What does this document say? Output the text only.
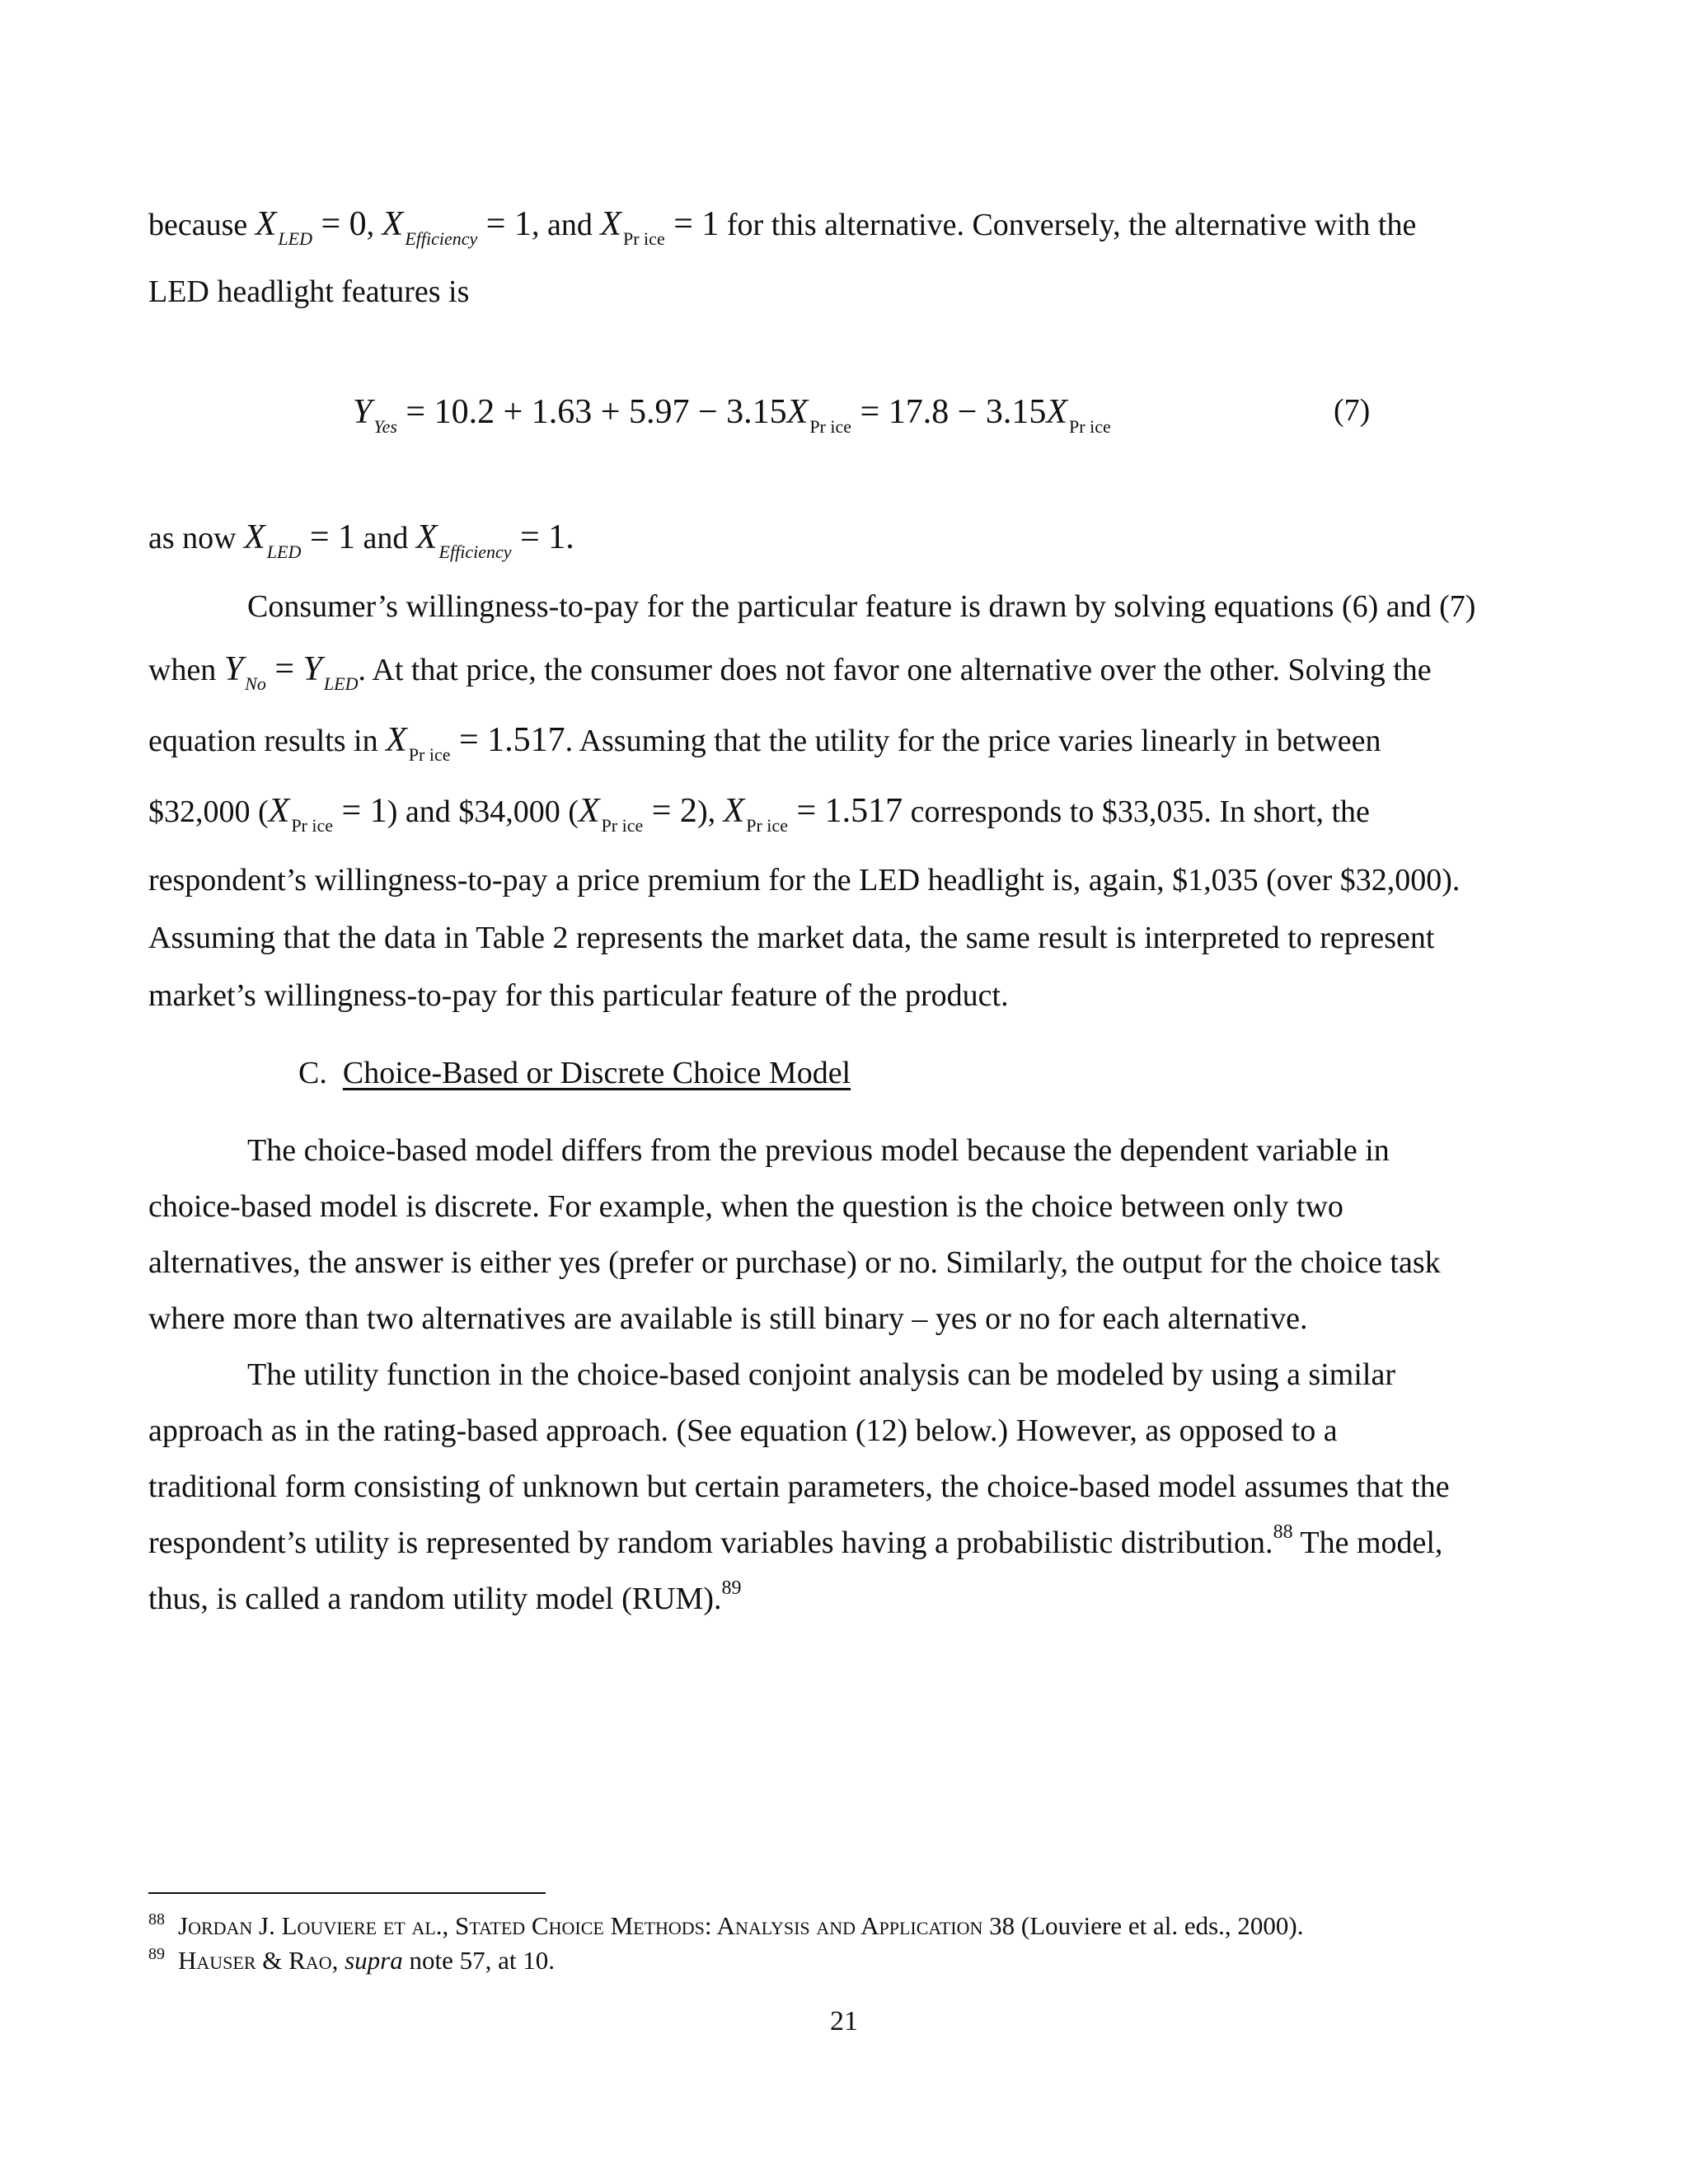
because $X_{LED} = 0$, $X_{Efficiency} = 1$, and $X_{Pr ice} = 1$ for this alternative. Conversely, the alternative with the
LED headlight features is
$Y_{Yes} = 10.2 + 1.63 + 5.97 - 3.15X_{Pr ice} = 17.8 - 3.15X_{Pr ice}$	(7)
as now $X_{LED} = 1$ and $X_{Efficiency} = 1$.
Consumer’s willingness-to-pay for the particular feature is drawn by solving equations (6) and (7)
when $Y_{No} = Y_{LED}$. At that price, the consumer does not favor one alternative over the other. Solving the
equation results in $X_{Pr ice} = 1.517$. Assuming that the utility for the price varies linearly in between
$32,000 $(X_{Pr ice} = 1)$ and $34,000 $(X_{Pr ice} = 2)$, $X_{Pr ice} = 1.517$ corresponds to $33,035. In short, the
respondent’s willingness-to-pay a price premium for the LED headlight is, again, $1,035 (over $32,000).
Assuming that the data in Table 2 represents the market data, the same result is interpreted to represent
market’s willingness-to-pay for this particular feature of the product.
C. Choice-Based or Discrete Choice Model
The choice-based model differs from the previous model because the dependent variable in
choice-based model is discrete. For example, when the question is the choice between only two
alternatives, the answer is either yes (prefer or purchase) or no. Similarly, the output for the choice task
where more than two alternatives are available is still binary – yes or no for each alternative.
The utility function in the choice-based conjoint analysis can be modeled by using a similar
approach as in the rating-based approach. (See equation (12) below.) However, as opposed to a
traditional form consisting of unknown but certain parameters, the choice-based model assumes that the
respondent’s utility is represented by random variables having a probabilistic distribution.$^{88}$ The model,
thus, is called a random utility model (RUM).$^{89}$
$^{88}$ Jordan J. Louviere et al., Stated Choice Methods: Analysis and Application 38 (Louviere et al. eds., 2000).
$^{89}$ Hauser & Rao, supra note 57, at 10.
21
